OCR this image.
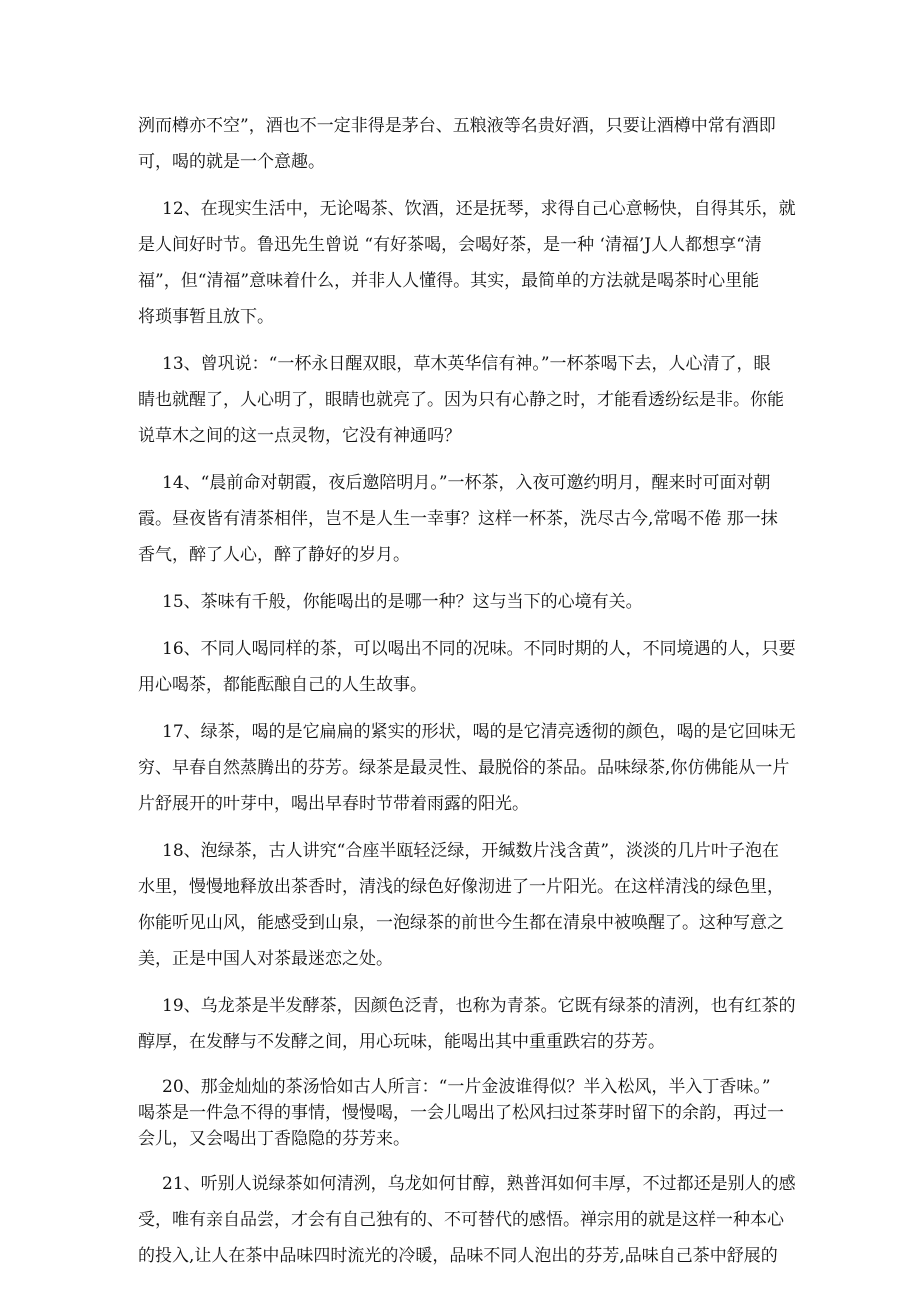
洌而樽亦不空”，酒也不一定非得是茅台、五粮液等名贵好酒，只要让酒樽中常有酒即
可，喝的就是一个意趣。

12、在现实生活中，无论喝茶、饮酒，还是抚琴，求得自己心意畅快，自得其乐，就
是人间好时节。鲁迅先生曾说 “有好茶喝，会喝好茶，是一种 ‘清福’J人人都想享“清
福”，但“清福”意味着什么，并非人人懂得。其实，最简单的方法就是喝茶时心里能
将琐事暂且放下。

13、曾巩说：“一杯永日醒双眼，草木英华信有神。”一杯茶喝下去，人心清了，眼
睛也就醒了，人心明了，眼睛也就亮了。因为只有心静之时，才能看透纷纭是非。你能
说草木之间的这一点灵物，它没有神通吗？

14、“晨前命对朝霞，夜后邀陪明月。”一杯茶，入夜可邀约明月，醒来时可面对朝
霞。昼夜皆有清茶相伴，岂不是人生一幸事？这样一杯茶，洗尽古今,常喝不倦 那一抹
香气，醉了人心，醉了静好的岁月。

15、茶味有千般，你能喝出的是哪一种？这与当下的心境有关。

16、不同人喝同样的茶，可以喝出不同的况味。不同时期的人，不同境遇的人，只要
用心喝茶，都能酝酿自己的人生故事。

17、绿茶，喝的是它扁扁的紧实的形状，喝的是它清亮透彻的颜色，喝的是它回味无
穷、早春自然蒸腾出的芬芳。绿茶是最灵性、最脱俗的茶品。品味绿茶,你仿佛能从一片
片舒展开的叶芽中，喝出早春时节带着雨露的阳光。

18、泡绿茶，古人讲究“合座半瓯轻泛绿，开缄数片浅含黄”，淡淡的几片叶子泡在
水里，慢慢地释放出茶香时，清浅的绿色好像沏进了一片阳光。在这样清浅的绿色里，
你能听见山风，能感受到山泉，一泡绿茶的前世今生都在清泉中被唤醒了。这种写意之
美，正是中国人对茶最迷恋之处。

19、乌龙茶是半发酵茶，因颜色泛青，也称为青茶。它既有绿茶的清洌，也有红茶的
醇厚，在发酵与不发酵之间，用心玩味，能喝出其中重重跌宕的芬芳。

20、那金灿灿的茶汤恰如古人所言：“一片金波谁得似？半入松风，半入丁香味。”
喝茶是一件急不得的事情，慢慢喝，一会儿喝出了松风扫过茶芽时留下的余韵，再过一
会儿，又会喝出丁香隐隐的芬芳来。

21、听别人说绿茶如何清洌，乌龙如何甘醇，熟普洱如何丰厚，不过都还是别人的感
受，唯有亲自品尝，才会有自己独有的、不可替代的感悟。禅宗用的就是这样一种本心
的投入,让人在茶中品味四时流光的冷暖，品味不同人泡出的芬芳,品味自己茶中舒展的
